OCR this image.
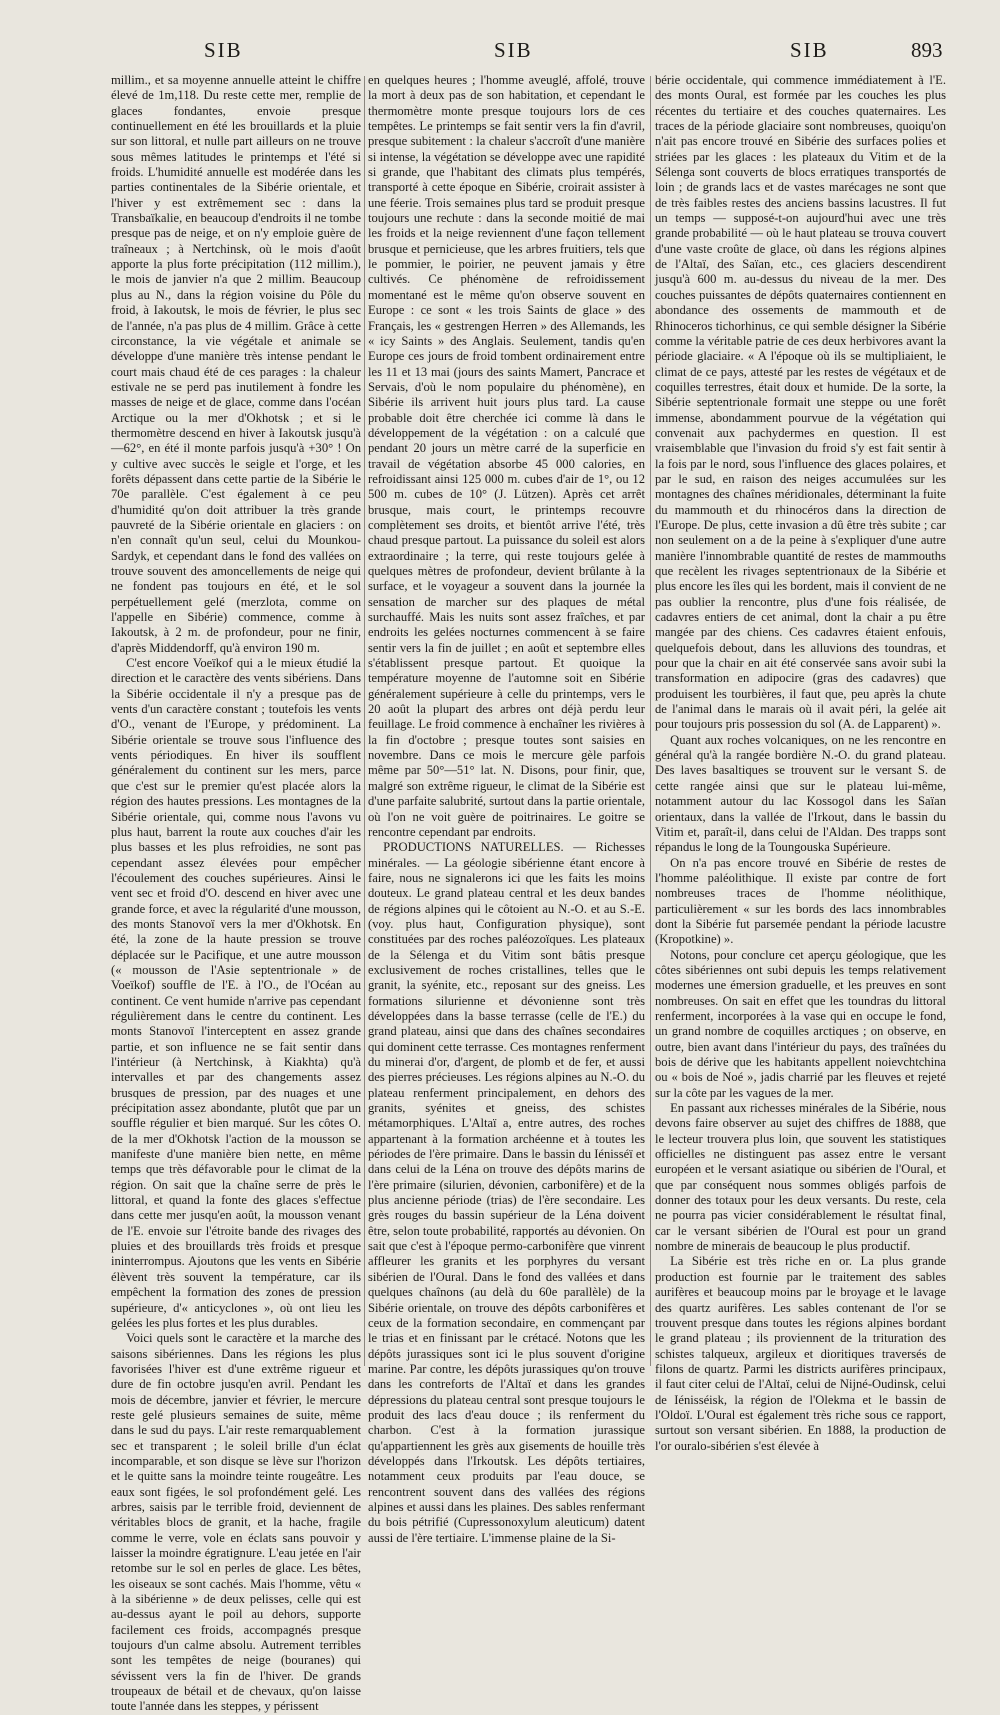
SIB	SIB	SIB	893

millim., et sa moyenne annuelle atteint le chiffre élevé de 1m,118. Du reste cette mer, remplie de glaces fondantes, envoie presque continuellement en été les brouillards et la pluie sur son littoral, et nulle part ailleurs on ne trouve sous mêmes latitudes le printemps et l'été si froids. L'humidité annuelle est modérée dans les parties continentales de la Sibérie orientale, et l'hiver y est extrêmement sec : dans la Transbaïkalie, en beaucoup d'endroits il ne tombe presque pas de neige, et on n'y emploie guère de traîneaux ; à Nertchinsk, où le mois d'août apporte la plus forte précipitation (112 millim.), le mois de janvier n'a que 2 millim. Beaucoup plus au N., dans la région voisine du Pôle du froid, à Iakoutsk, le mois de février, le plus sec de l'année, n'a pas plus de 4 millim. Grâce à cette circonstance, la vie végétale et animale se développe d'une manière très intense pendant le court mais chaud été de ces parages : la chaleur estivale ne se perd pas inutilement à fondre les masses de neige et de glace, comme dans l'océan Arctique ou la mer d'Okhotsk ; et si le thermomètre descend en hiver à Iakoutsk jusqu'à —62°, en été il monte parfois jusqu'à +30° ! On y cultive avec succès le seigle et l'orge, et les forêts dépassent dans cette partie de la Sibérie le 70e parallèle. C'est également à ce peu d'humidité qu'on doit attribuer la très grande pauvreté de la Sibérie orientale en glaciers : on n'en connaît qu'un seul, celui du Mounkou-Sardyk, et cependant dans le fond des vallées on trouve souvent des amoncellements de neige qui ne fondent pas toujours en été, et le sol perpétuellement gelé (merzlota, comme on l'appelle en Sibérie) commence, comme à Iakoutsk, à 2 m. de profondeur, pour ne finir, d'après Middendorff, qu'à environ 190 m.

C'est encore Voeïkof qui a le mieux étudié la direction et le caractère des vents sibériens. Dans la Sibérie occidentale il n'y a presque pas de vents d'un caractère constant ; toutefois les vents d'O., venant de l'Europe, y prédominent. La Sibérie orientale se trouve sous l'influence des vents périodiques. En hiver ils soufflent généralement du continent sur les mers, parce que c'est sur le premier qu'est placée alors la région des hautes pressions. Les montagnes de la Sibérie orientale, qui, comme nous l'avons vu plus haut, barrent la route aux couches d'air les plus basses et les plus refroidies, ne sont pas cependant assez élevées pour empêcher l'écoulement des couches supérieures. Ainsi le vent sec et froid d'O. descend en hiver avec une grande force, et avec la régularité d'une mousson, des monts Stanovoï vers la mer d'Okhotsk. En été, la zone de la haute pression se trouve déplacée sur le Pacifique, et une autre mousson (« mousson de l'Asie septentrionale » de Voeïkof) souffle de l'E. à l'O., de l'Océan au continent. Ce vent humide n'arrive pas cependant régulièrement dans le centre du continent. Les monts Stanovoï l'interceptent en assez grande partie, et son influence ne se fait sentir dans l'intérieur (à Nertchinsk, à Kiakhta) qu'à intervalles et par des changements assez brusques de pression, par des nuages et une précipitation assez abondante, plutôt que par un souffle régulier et bien marqué. Sur les côtes O. de la mer d'Okhotsk l'action de la mousson se manifeste d'une manière bien nette, en même temps que très défavorable pour le climat de la région. On sait que la chaîne serre de près le littoral, et quand la fonte des glaces s'effectue dans cette mer jusqu'en août, la mousson venant de l'E. envoie sur l'étroite bande des rivages des pluies et des brouillards très froids et presque ininterrompus. Ajoutons que les vents en Sibérie élèvent très souvent la température, car ils empêchent la formation des zones de pression supérieure, d'« anticyclones », où ont lieu les gelées les plus fortes et les plus durables.

Voici quels sont le caractère et la marche des saisons sibériennes. Dans les régions les plus favorisées l'hiver est d'une extrême rigueur et dure de fin octobre jusqu'en avril. Pendant les mois de décembre, janvier et février, le mercure reste gelé plusieurs semaines de suite, même dans le sud du pays. L'air reste remarquablement sec et transparent ; le soleil brille d'un éclat incomparable, et son disque se lève sur l'horizon et le quitte sans la moindre teinte rougeâtre. Les eaux sont figées, le sol profondément gelé. Les arbres, saisis par le terrible froid, deviennent de véritables blocs de granit, et la hache, fragile comme le verre, vole en éclats sans pouvoir y laisser la moindre égratignure. L'eau jetée en l'air retombe sur le sol en perles de glace. Les bêtes, les oiseaux se sont cachés. Mais l'homme, vêtu « à la sibérienne » de deux pelisses, celle qui est au-dessus ayant le poil au dehors, supporte facilement ces froids, accompagnés presque toujours d'un calme absolu. Autrement terribles sont les tempêtes de neige (bouranes) qui sévissent vers la fin de l'hiver. De grands troupeaux de bétail et de chevaux, qu'on laisse toute l'année dans les steppes, y périssent

en quelques heures ; l'homme aveuglé, affolé, trouve la mort à deux pas de son habitation, et cependant le thermomètre monte presque toujours lors de ces tempêtes. Le printemps se fait sentir vers la fin d'avril, presque subitement : la chaleur s'accroît d'une manière si intense, la végétation se développe avec une rapidité si grande, que l'habitant des climats plus tempérés, transporté à cette époque en Sibérie, croirait assister à une féerie. Trois semaines plus tard se produit presque toujours une rechute : dans la seconde moitié de mai les froids et la neige reviennent d'une façon tellement brusque et pernicieuse, que les arbres fruitiers, tels que le pommier, le poirier, ne peuvent jamais y être cultivés. Ce phénomène de refroidissement momentané est le même qu'on observe souvent en Europe : ce sont « les trois Saints de glace » des Français, les « gestrengen Herren » des Allemands, les « icy Saints » des Anglais. Seulement, tandis qu'en Europe ces jours de froid tombent ordinairement entre les 11 et 13 mai (jours des saints Mamert, Pancrace et Servais, d'où le nom populaire du phénomène), en Sibérie ils arrivent huit jours plus tard. La cause probable doit être cherchée ici comme là dans le développement de la végétation : on a calculé que pendant 20 jours un mètre carré de la superficie en travail de végétation absorbe 45 000 calories, en refroidissant ainsi 125 000 m. cubes d'air de 1°, ou 12 500 m. cubes de 10° (J. Lützen). Après cet arrêt brusque, mais court, le printemps recouvre complètement ses droits, et bientôt arrive l'été, très chaud presque partout. La puissance du soleil est alors extraordinaire ; la terre, qui reste toujours gelée à quelques mètres de profondeur, devient brûlante à la surface, et le voyageur a souvent dans la journée la sensation de marcher sur des plaques de métal surchauffé. Mais les nuits sont assez fraîches, et par endroits les gelées nocturnes commencent à se faire sentir vers la fin de juillet ; en août et septembre elles s'établissent presque partout. Et quoique la température moyenne de l'automne soit en Sibérie généralement supérieure à celle du printemps, vers le 20 août la plupart des arbres ont déjà perdu leur feuillage. Le froid commence à enchaîner les rivières à la fin d'octobre ; presque toutes sont saisies en novembre. Dans ce mois le mercure gèle parfois même par 50°—51° lat. N. Disons, pour finir, que, malgré son extrême rigueur, le climat de la Sibérie est d'une parfaite salubrité, surtout dans la partie orientale, où l'on ne voit guère de poitrinaires. Le goitre se rencontre cependant par endroits.

PRODUCTIONS NATURELLES. — Richesses minérales. — La géologie sibérienne étant encore à faire, nous ne signalerons ici que les faits les moins douteux. Le grand plateau central et les deux bandes de régions alpines qui le côtoient au N.-O. et au S.-E. (voy. plus haut, Configuration physique), sont constituées par des roches paléozoïques. Les plateaux de la Sélenga et du Vitim sont bâtis presque exclusivement de roches cristallines, telles que le granit, la syénite, etc., reposant sur des gneiss. Les formations silurienne et dévonienne sont très développées dans la basse terrasse (celle de l'E.) du grand plateau, ainsi que dans des chaînes secondaires qui dominent cette terrasse. Ces montagnes renferment du minerai d'or, d'argent, de plomb et de fer, et aussi des pierres précieuses. Les régions alpines au N.-O. du plateau renferment principalement, en dehors des granits, syénites et gneiss, des schistes métamorphiques. L'Altaï a, entre autres, des roches appartenant à la formation archéenne et à toutes les périodes de l'ère primaire. Dans le bassin du Iénisséï et dans celui de la Léna on trouve des dépôts marins de l'ère primaire (silurien, dévonien, carbonifère) et de la plus ancienne période (trias) de l'ère secondaire. Les grès rouges du bassin supérieur de la Léna doivent être, selon toute probabilité, rapportés au dévonien. On sait que c'est à l'époque permo-carbonifère que vinrent affleurer les granits et les porphyres du versant sibérien de l'Oural. Dans le fond des vallées et dans quelques chaînons (au delà du 60e parallèle) de la Sibérie orientale, on trouve des dépôts carbonifères et ceux de la formation secondaire, en commençant par le trias et en finissant par le crétacé. Notons que les dépôts jurassiques sont ici le plus souvent d'origine marine. Par contre, les dépôts jurassiques qu'on trouve dans les contreforts de l'Altaï et dans les grandes dépressions du plateau central sont presque toujours le produit des lacs d'eau douce ; ils renferment du charbon. C'est à la formation jurassique qu'appartiennent les grès aux gisements de houille très développés dans l'Irkoutsk. Les dépôts tertiaires, notamment ceux produits par l'eau douce, se rencontrent souvent dans des vallées des régions alpines et aussi dans les plaines. Des sables renfermant du bois pétrifié (Cupressonoxylum aleuticum) datent aussi de l'ère tertiaire. L'immense plaine de la Si-

bérie occidentale, qui commence immédiatement à l'E. des monts Oural, est formée par les couches les plus récentes du tertiaire et des couches quaternaires. Les traces de la période glaciaire sont nombreuses, quoiqu'on n'ait pas encore trouvé en Sibérie des surfaces polies et striées par les glaces : les plateaux du Vitim et de la Sélenga sont couverts de blocs erratiques transportés de loin ; de grands lacs et de vastes marécages ne sont que de très faibles restes des anciens bassins lacustres. Il fut un temps — supposé-t-on aujourd'hui avec une très grande probabilité — où le haut plateau se trouva couvert d'une vaste croûte de glace, où dans les régions alpines de l'Altaï, des Saïan, etc., ces glaciers descendirent jusqu'à 600 m. au-dessus du niveau de la mer. Des couches puissantes de dépôts quaternaires contiennent en abondance des ossements de mammouth et de Rhinoceros tichorhinus, ce qui semble désigner la Sibérie comme la véritable patrie de ces deux herbivores avant la période glaciaire. « A l'époque où ils se multipliaient, le climat de ce pays, attesté par les restes de végétaux et de coquilles terrestres, était doux et humide. De la sorte, la Sibérie septentrionale formait une steppe ou une forêt immense, abondamment pourvue de la végétation qui convenait aux pachydermes en question. Il est vraisemblable que l'invasion du froid s'y est fait sentir à la fois par le nord, sous l'influence des glaces polaires, et par le sud, en raison des neiges accumulées sur les montagnes des chaînes méridionales, déterminant la fuite du mammouth et du rhinocéros dans la direction de l'Europe. De plus, cette invasion a dû être très subite ; car non seulement on a de la peine à s'expliquer d'une autre manière l'innombrable quantité de restes de mammouths que recèlent les rivages septentrionaux de la Sibérie et plus encore les îles qui les bordent, mais il convient de ne pas oublier la rencontre, plus d'une fois réalisée, de cadavres entiers de cet animal, dont la chair a pu être mangée par des chiens. Ces cadavres étaient enfouis, quelquefois debout, dans les alluvions des toundras, et pour que la chair en ait été conservée sans avoir subi la transformation en adipocire (gras des cadavres) que produisent les tourbières, il faut que, peu après la chute de l'animal dans le marais où il avait péri, la gelée ait pour toujours pris possession du sol (A. de Lapparent) ».

Quant aux roches volcaniques, on ne les rencontre en général qu'à la rangée bordière N.-O. du grand plateau. Des laves basaltiques se trouvent sur le versant S. de cette rangée ainsi que sur le plateau lui-même, notamment autour du lac Kossogol dans les Saïan orientaux, dans la vallée de l'Irkout, dans le bassin du Vitim et, paraît-il, dans celui de l'Aldan. Des trapps sont répandus le long de la Toungouska Supérieure.

On n'a pas encore trouvé en Sibérie de restes de l'homme paléolithique. Il existe par contre de fort nombreuses traces de l'homme néolithique, particulièrement « sur les bords des lacs innombrables dont la Sibérie fut parsemée pendant la période lacustre (Kropotkine) ».

Notons, pour conclure cet aperçu géologique, que les côtes sibériennes ont subi depuis les temps relativement modernes une émersion graduelle, et les preuves en sont nombreuses. On sait en effet que les toundras du littoral renferment, incorporées à la vase qui en occupe le fond, un grand nombre de coquilles arctiques ; on observe, en outre, bien avant dans l'intérieur du pays, des traînées du bois de dérive que les habitants appellent noievchtchina ou « bois de Noé », jadis charrié par les fleuves et rejeté sur la côte par les vagues de la mer.

En passant aux richesses minérales de la Sibérie, nous devons faire observer au sujet des chiffres de 1888, que le lecteur trouvera plus loin, que souvent les statistiques officielles ne distinguent pas assez entre le versant européen et le versant asiatique ou sibérien de l'Oural, et que par conséquent nous sommes obligés parfois de donner des totaux pour les deux versants. Du reste, cela ne pourra pas vicier considérablement le résultat final, car le versant sibérien de l'Oural est pour un grand nombre de minerais de beaucoup le plus productif.

La Sibérie est très riche en or. La plus grande production est fournie par le traitement des sables aurifères et beaucoup moins par le broyage et le lavage des quartz aurifères. Les sables contenant de l'or se trouvent presque dans toutes les régions alpines bordant le grand plateau ; ils proviennent de la trituration des schistes talqueux, argileux et dioritiques traversés de filons de quartz. Parmi les districts aurifères principaux, il faut citer celui de l'Altaï, celui de Nijné-Oudinsk, celui de Iénisséisk, la région de l'Olekma et le bassin de l'Oldoï. L'Oural est également très riche sous ce rapport, surtout son versant sibérien. En 1888, la production de l'or ouralo-sibérien s'est élevée à
